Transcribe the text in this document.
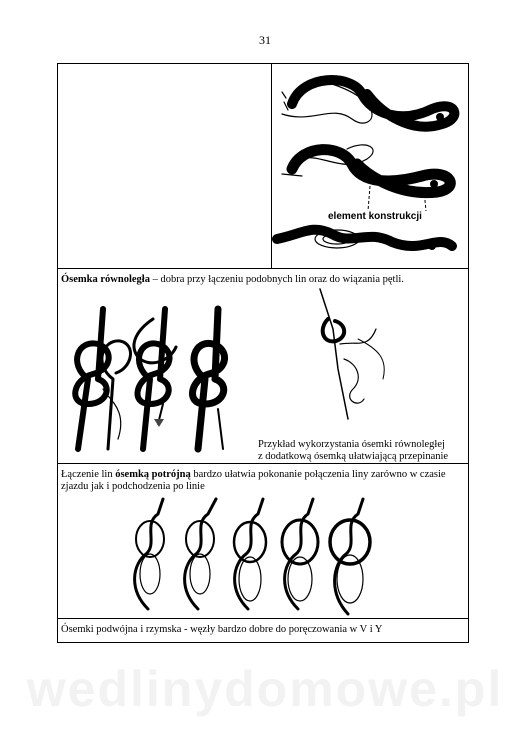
31
element konstrukcji
Ósemka równoległa – dobra przy łączeniu podobnych lin oraz do wiązania pętli.
Przykład wykorzystania ósemki równoległej
z dodatkową ósemką ułatwiającą przepinanie
Łączenie lin ósemką potrójną bardzo ułatwia pokonanie połączenia liny zarówno w czasie
zjazdu jak i podchodzenia po linie
Ósemki podwójna i rzymska - węzły bardzo dobre do poręczowania w V i Y
wedlinydomowe.pl
